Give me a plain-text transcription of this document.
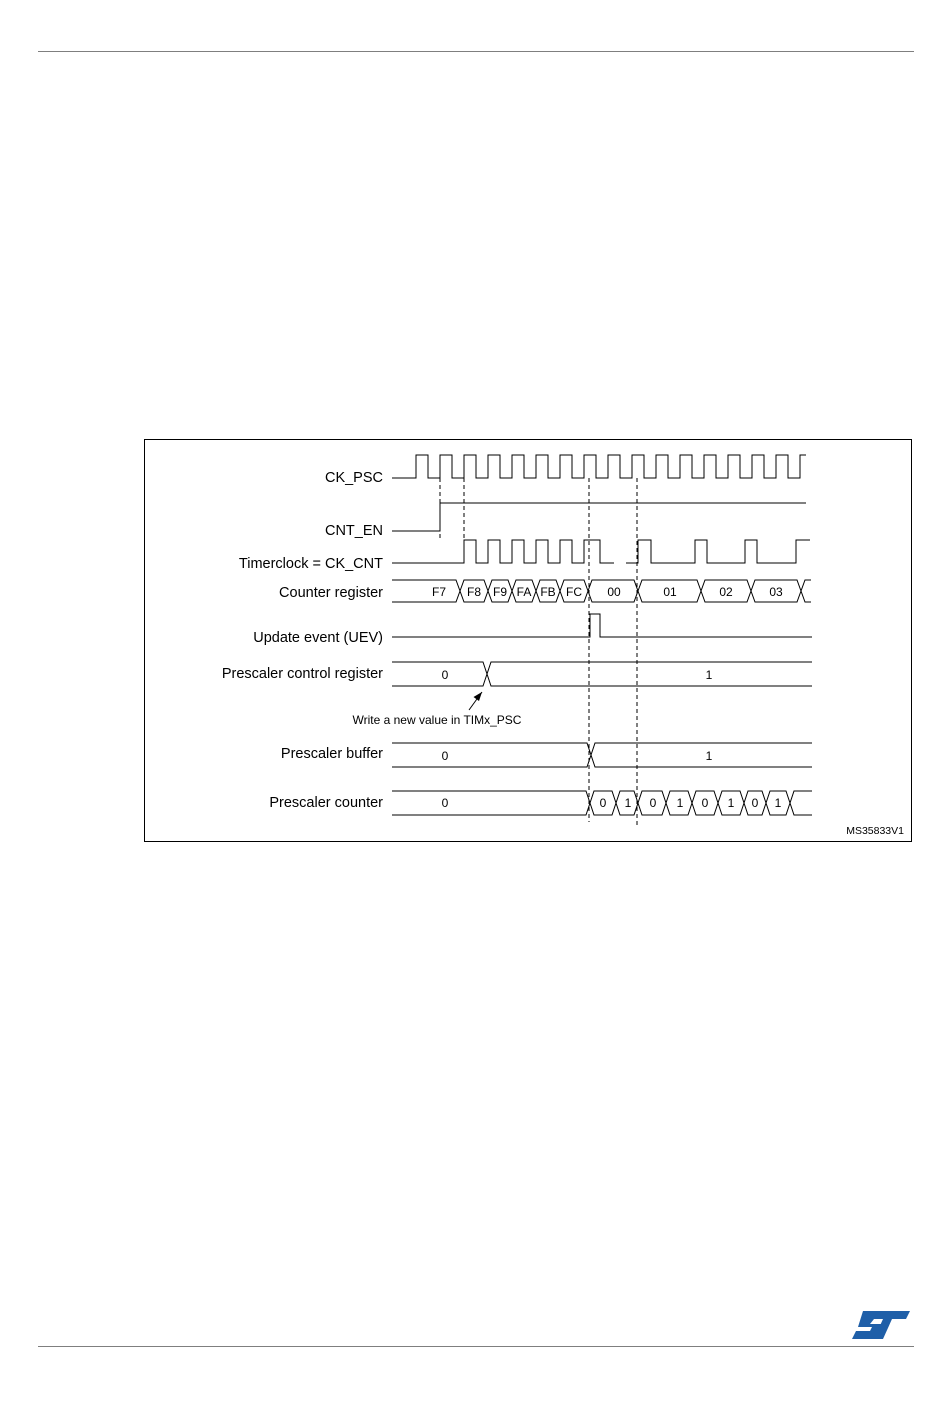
CK_PSC
CNT_EN
Timerclock = CK_CNT
Counter register
Update event (UEV)
Prescaler control register
Prescaler buffer
Prescaler counter
F7 F8 F9 FA FB FC 00	01	02	03
0	1
Write a new value in TIMx_PSC
0	1
0	0 1 0 1 0 1 0 1
MS35833V1
